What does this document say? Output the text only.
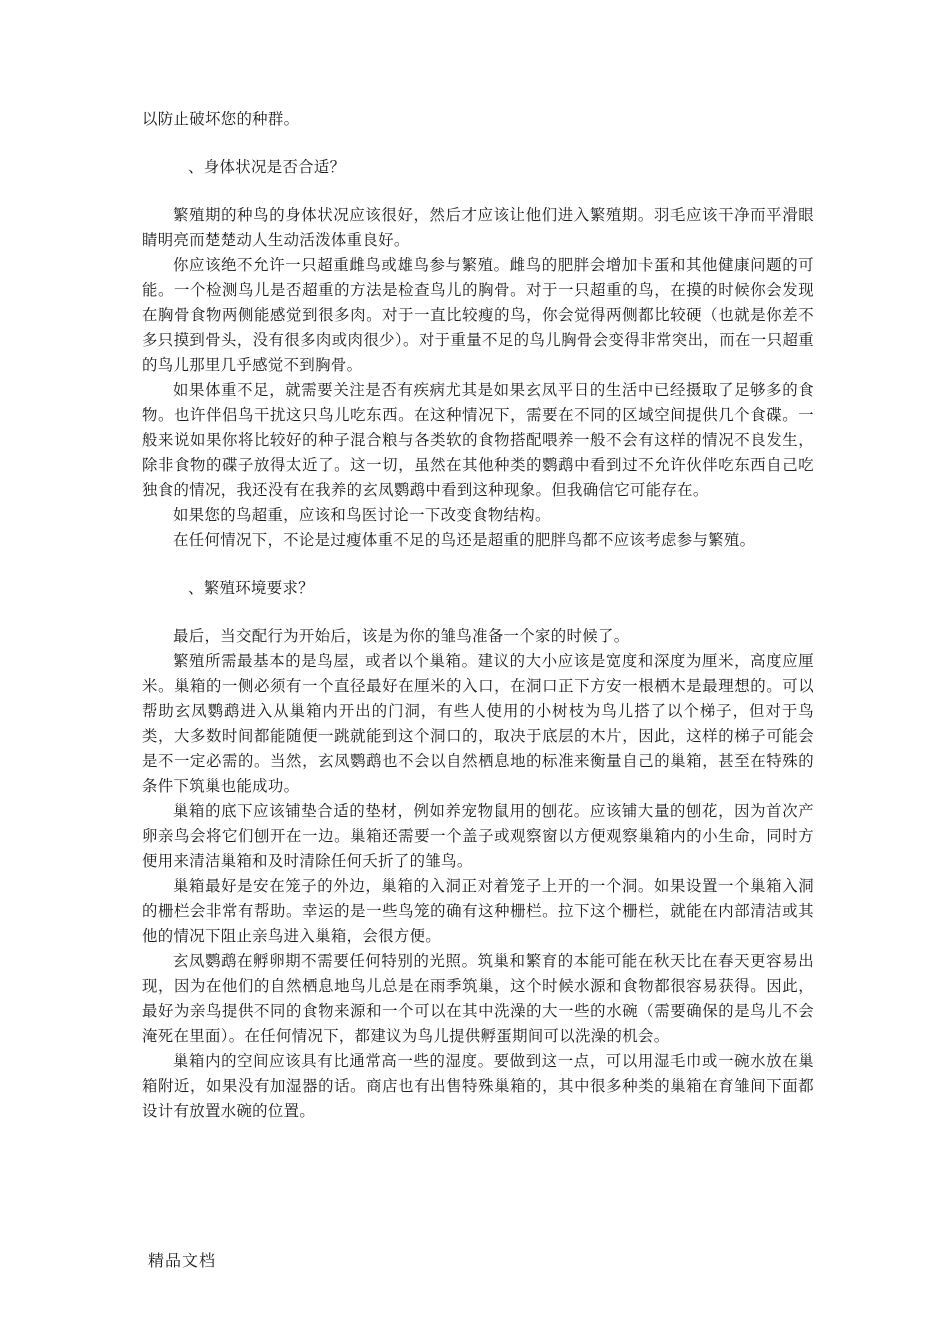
以防止破坏您的种群。

、身体状况是否合适？

繁殖期的种鸟的身体状况应该很好，然后才应该让他们进入繁殖期。羽毛应该干净而平滑眼睛明亮而楚楚动人生动活泼体重良好。

你应该绝不允许一只超重雌鸟或雄鸟参与繁殖。雌鸟的肥胖会增加卡蛋和其他健康问题的可能。一个检测鸟儿是否超重的方法是检查鸟儿的胸骨。对于一只超重的鸟，在摸的时候你会发现在胸骨食物两侧能感觉到很多肉。对于一直比较瘦的鸟，你会觉得两侧都比较硬（也就是你差不多只摸到骨头，没有很多肉或肉很少）。对于重量不足的鸟儿胸骨会变得非常突出，而在一只超重的鸟儿那里几乎感觉不到胸骨。

如果体重不足，就需要关注是否有疾病尤其是如果玄凤平日的生活中已经摄取了足够多的食物。也许伴侣鸟干扰这只鸟儿吃东西。在这种情况下，需要在不同的区域空间提供几个食碟。一般来说如果你将比较好的种子混合粮与各类软的食物搭配喂养一般不会有这样的情况不良发生，除非食物的碟子放得太近了。这一切，虽然在其他种类的鹦鹉中看到过不允许伙伴吃东西自己吃独食的情况，我还没有在我养的玄凤鹦鹉中看到这种现象。但我确信它可能存在。

如果您的鸟超重，应该和鸟医讨论一下改变食物结构。

在任何情况下，不论是过瘦体重不足的鸟还是超重的肥胖鸟都不应该考虑参与繁殖。

、繁殖环境要求？

最后，当交配行为开始后，该是为你的雏鸟准备一个家的时候了。

繁殖所需最基本的是鸟屋，或者以个巢箱。建议的大小应该是宽度和深度为厘米，高度应厘米。巢箱的一侧必须有一个直径最好在厘米的入口，在洞口正下方安一根栖木是最理想的。可以帮助玄凤鹦鹉进入从巢箱内开出的门洞，有些人使用的小树枝为鸟儿搭了以个梯子，但对于鸟类，大多数时间都能随便一跳就能到这个洞口的，取决于底层的木片，因此，这样的梯子可能会是不一定必需的。当然，玄凤鹦鹉也不会以自然栖息地的标准来衡量自己的巢箱，甚至在特殊的条件下筑巢也能成功。

巢箱的底下应该铺垫合适的垫材，例如养宠物鼠用的刨花。应该铺大量的刨花，因为首次产卵亲鸟会将它们刨开在一边。巢箱还需要一个盖子或观察窗以方便观察巢箱内的小生命，同时方便用来清洁巢箱和及时清除任何夭折了的雏鸟。

巢箱最好是安在笼子的外边，巢箱的入洞正对着笼子上开的一个洞。如果设置一个巢箱入洞的栅栏会非常有帮助。幸运的是一些鸟笼的确有这种栅栏。拉下这个栅栏，就能在内部清洁或其他的情况下阻止亲鸟进入巢箱，会很方便。

玄凤鹦鹉在孵卵期不需要任何特别的光照。筑巢和繁育的本能可能在秋天比在春天更容易出现，因为在他们的自然栖息地鸟儿总是在雨季筑巢，这个时候水源和食物都很容易获得。因此，最好为亲鸟提供不同的食物来源和一个可以在其中洗澡的大一些的水碗（需要确保的是鸟儿不会淹死在里面）。在任何情况下，都建议为鸟儿提供孵蛋期间可以洗澡的机会。

巢箱内的空间应该具有比通常高一些的湿度。要做到这一点，可以用湿毛巾或一碗水放在巢箱附近，如果没有加湿器的话。商店也有出售特殊巢箱的，其中很多种类的巢箱在育雏间下面都设计有放置水碗的位置。

精品文档
